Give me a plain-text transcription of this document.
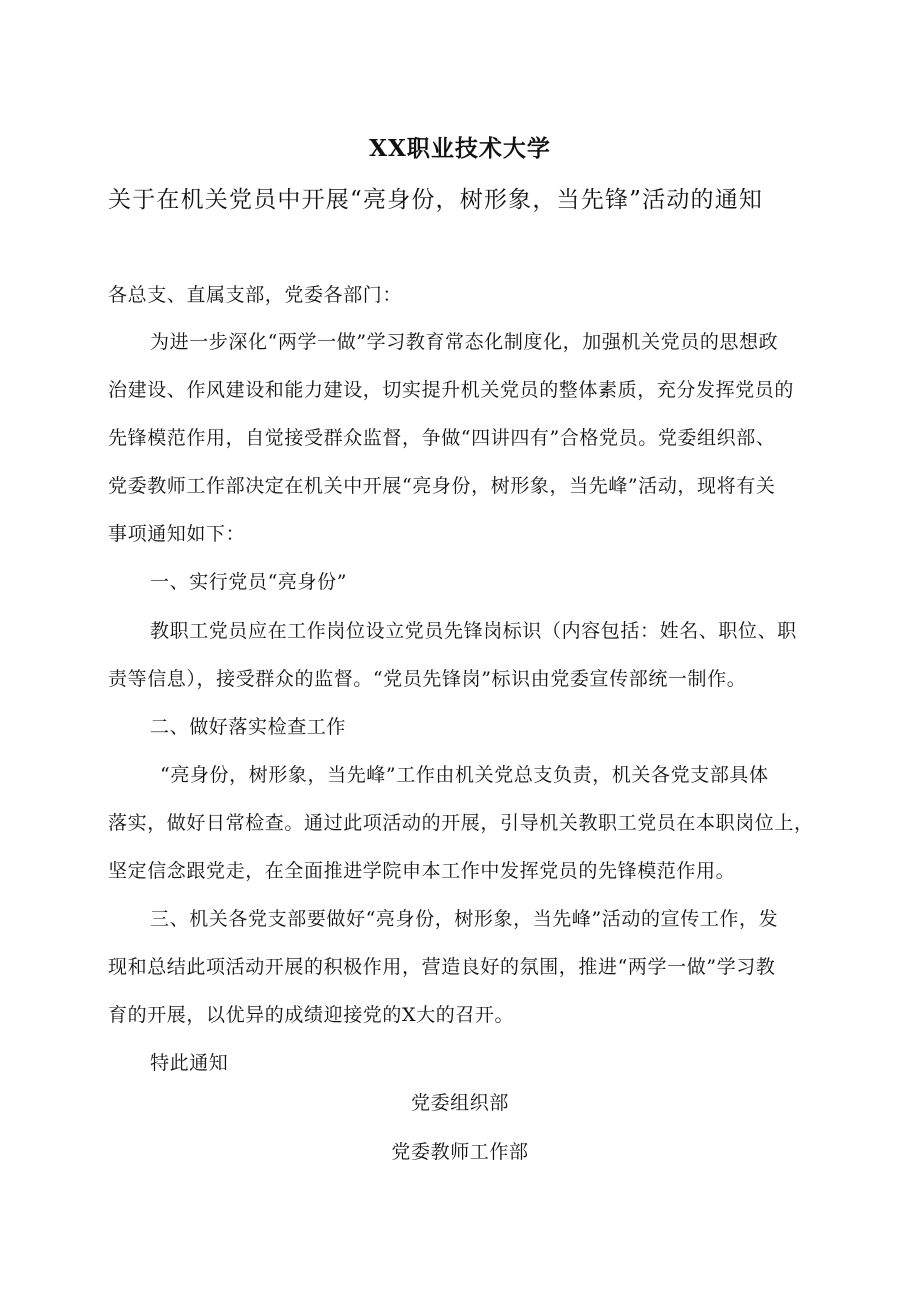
XX职业技术大学
关于在机关党员中开展“亮身份，树形象，当先锋”活动的通知
各总支、直属支部，党委各部门：
为进一步深化“两学一做”学习教育常态化制度化，加强机关党员的思想政
治建设、作风建设和能力建设，切实提升机关党员的整体素质，充分发挥党员的
先锋模范作用，自觉接受群众监督，争做“四讲四有”合格党员。党委组织部、
党委教师工作部决定在机关中开展“亮身份，树形象，当先峰”活动，现将有关
事项通知如下：
一、实行党员“亮身份”
教职工党员应在工作岗位设立党员先锋岗标识（内容包括：姓名、职位、职
责等信息），接受群众的监督。“党员先锋岗”标识由党委宣传部统一制作。
二、做好落实检查工作
“亮身份，树形象，当先峰”工作由机关党总支负责，机关各党支部具体
落实，做好日常检查。通过此项活动的开展，引导机关教职工党员在本职岗位上，
坚定信念跟党走，在全面推进学院申本工作中发挥党员的先锋模范作用。
三、机关各党支部要做好“亮身份，树形象，当先峰”活动的宣传工作，发
现和总结此项活动开展的积极作用，营造良好的氛围，推进“两学一做”学习教
育的开展，以优异的成绩迎接党的X大的召开。
特此通知
党委组织部
党委教师工作部
